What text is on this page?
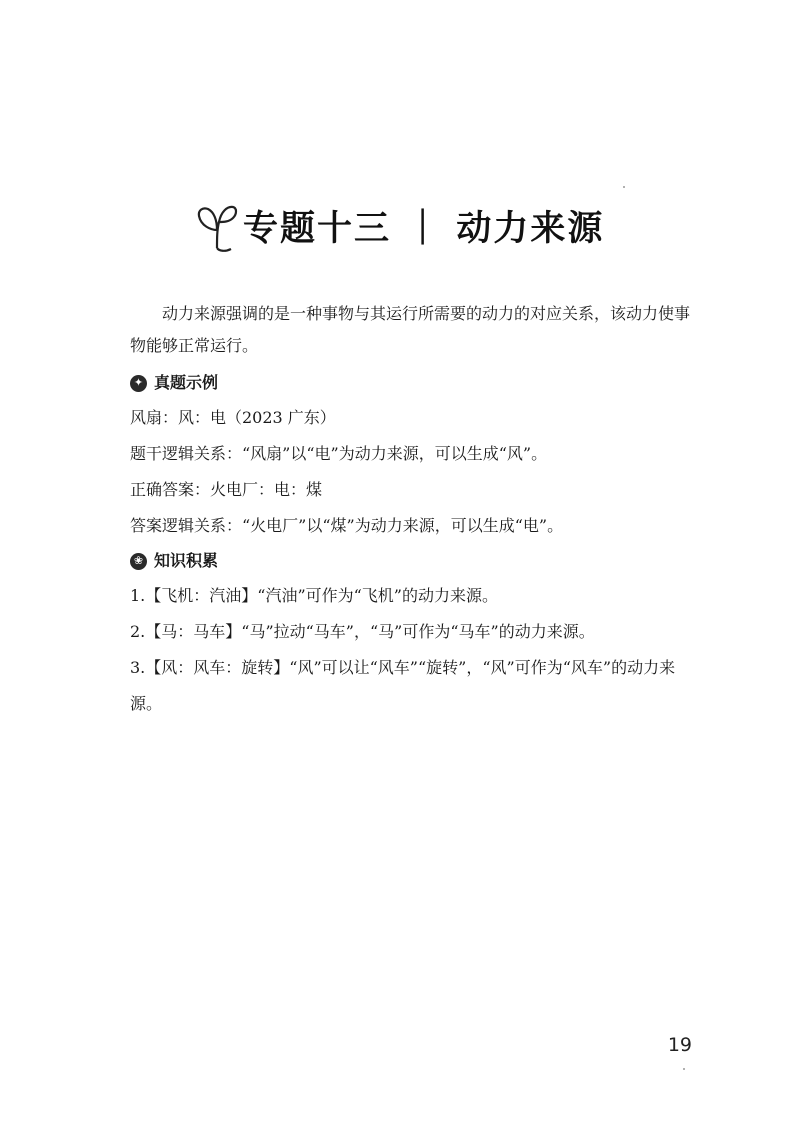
专题十三 ｜ 动力来源

动力来源强调的是一种事物与其运行所需要的动力的对应关系，该动力使事物能够正常运行。

✦ 真题示例

风扇：风：电（2023 广东）

题干逻辑关系：“风扇”以“电”为动力来源，可以生成“风”。

正确答案：火电厂：电：煤

答案逻辑关系：“火电厂”以“煤”为动力来源，可以生成“电”。

❀ 知识积累

1.【飞机：汽油】“汽油”可作为“飞机”的动力来源。

2.【马：马车】“马”拉动“马车”，“马”可作为“马车”的动力来源。

3.【风：风车：旋转】“风”可以让“风车”“旋转”，“风”可作为“风车”的动力来源。

19
